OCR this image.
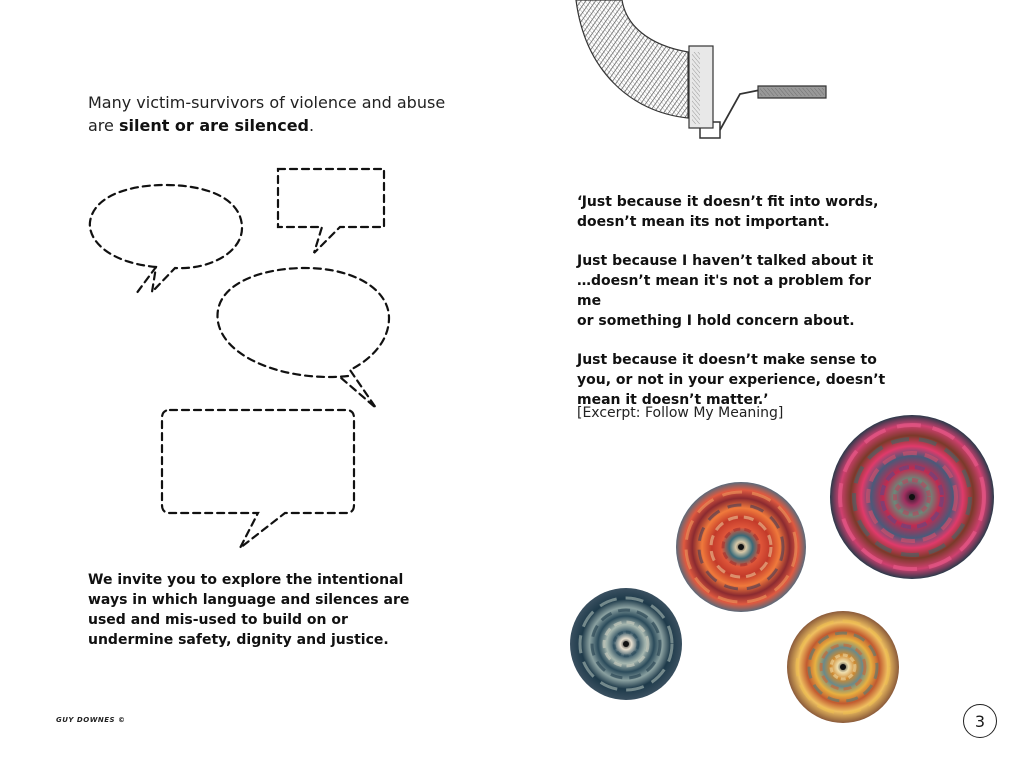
Many victim-survivors of violence and abuse are silent or are silenced.
We invite you to explore the intentional ways in which language and silences are used and mis-used to build on or undermine safety, dignity and justice.

‘Just because it doesn’t fit into words,
doesn’t mean its not important.

Just because I haven’t talked about it
…doesn’t mean it's not a problem for me
or something I hold concern about.

Just because it doesn’t make sense to
you, or not in your experience, doesn’t
mean it doesn’t matter.’

[Excerpt: Follow My Meaning]
GUY DOWNES ©	3
